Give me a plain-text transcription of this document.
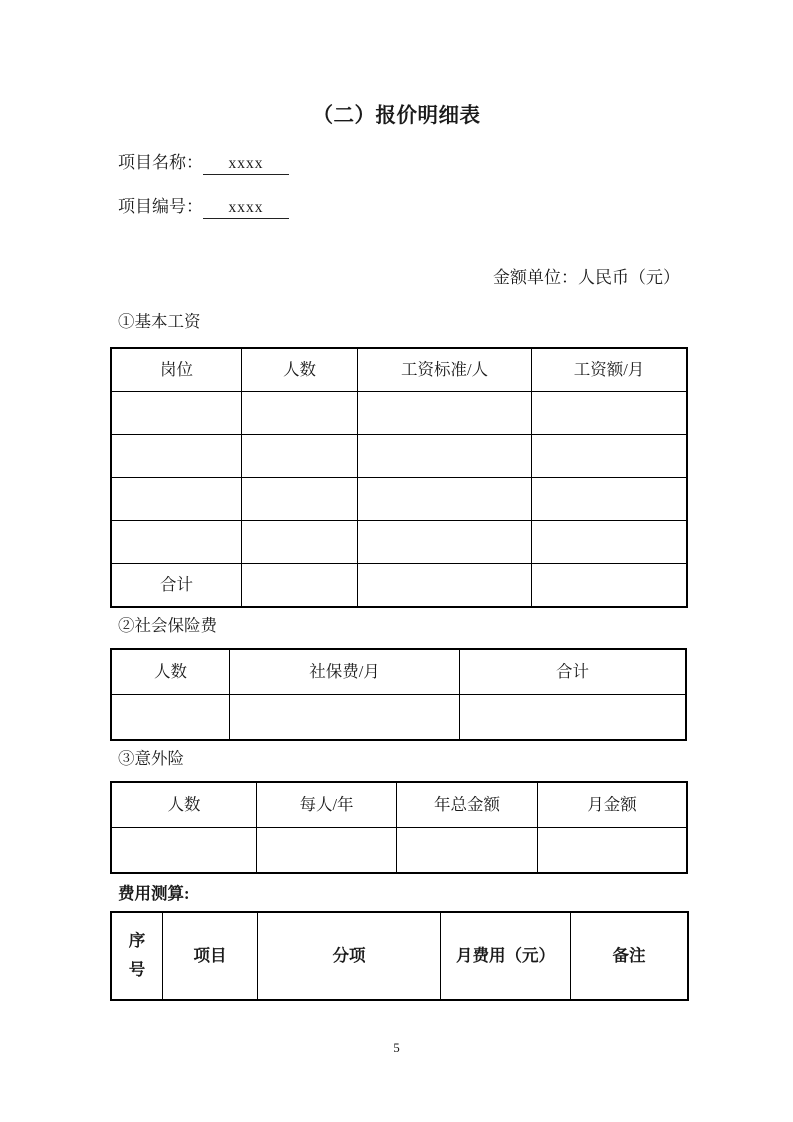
（二）报价明细表
项目名称： xxxx
项目编号： xxxx
金额单位：人民币（元）
①基本工资
岗位	人数	工资标准/人	工资额/月

合计			
②社会保险费
人数	社保费/月	合计

③意外险
人数	每人/年	年总金额	月金额

费用测算:
序
号
	项目	分项	月费用（元）	备注
5
